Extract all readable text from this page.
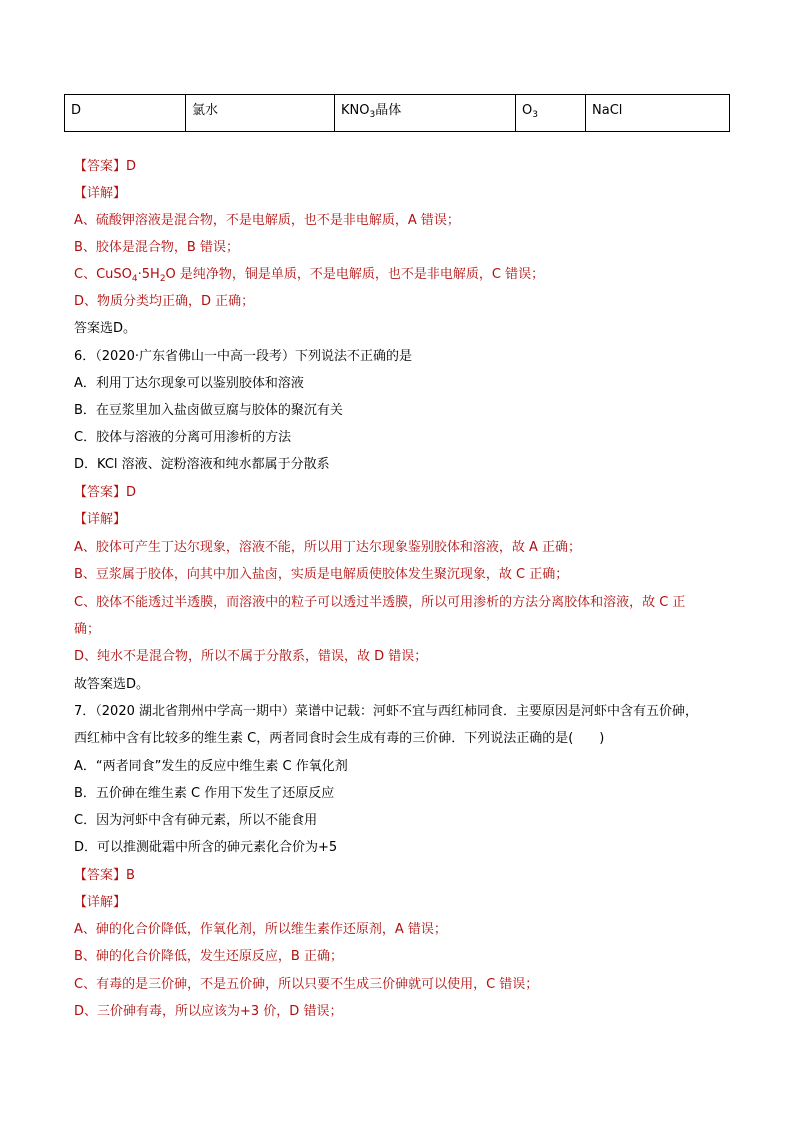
D	氯水	$KNO_3$晶体	$O_3$	NaCl
【答案】D
【详解】
A、硫酸钾溶液是混合物，不是电解质，也不是非电解质，A 错误；
B、胶体是混合物，B 错误；
C、$CuSO_4\cdot 5H_2O$ 是纯净物，铜是单质，不是电解质，也不是非电解质，C 错误；
D、物质分类均正确，D 正确；
答案选D。
6．（2020·广东省佛山一中高一段考）下列说法不正确的是
A．利用丁达尔现象可以鉴别胶体和溶液
B．在豆浆里加入盐卤做豆腐与胶体的聚沉有关
C．胶体与溶液的分离可用渗析的方法
D．KCl 溶液、淀粉溶液和纯水都属于分散系
【答案】D
【详解】
A、胶体可产生丁达尔现象，溶液不能，所以用丁达尔现象鉴别胶体和溶液，故 A 正确；
B、豆浆属于胶体，向其中加入盐卤，实质是电解质使胶体发生聚沉现象，故 C 正确；
C、胶体不能透过半透膜，而溶液中的粒子可以透过半透膜，所以可用渗析的方法分离胶体和溶液，故 C 正
确；
D、纯水不是混合物，所以不属于分散系，错误，故 D 错误；
故答案选D。
7．（2020 湖北省荆州中学高一期中）菜谱中记载：河虾不宜与西红柿同食．主要原因是河虾中含有五价砷，
西红柿中含有比较多的维生素 C，两者同食时会生成有毒的三价砷．下列说法正确的是(　　)
A．“两者同食”发生的反应中维生素 C 作氧化剂
B．五价砷在维生素 C 作用下发生了还原反应
C．因为河虾中含有砷元素，所以不能食用
D．可以推测砒霜中所含的砷元素化合价为+5
【答案】B
【详解】
A、砷的化合价降低，作氧化剂，所以维生素作还原剂，A 错误；
B、砷的化合价降低，发生还原反应，B 正确；
C、有毒的是三价砷，不是五价砷，所以只要不生成三价砷就可以使用，C 错误；
D、三价砷有毒，所以应该为+3 价，D 错误；
